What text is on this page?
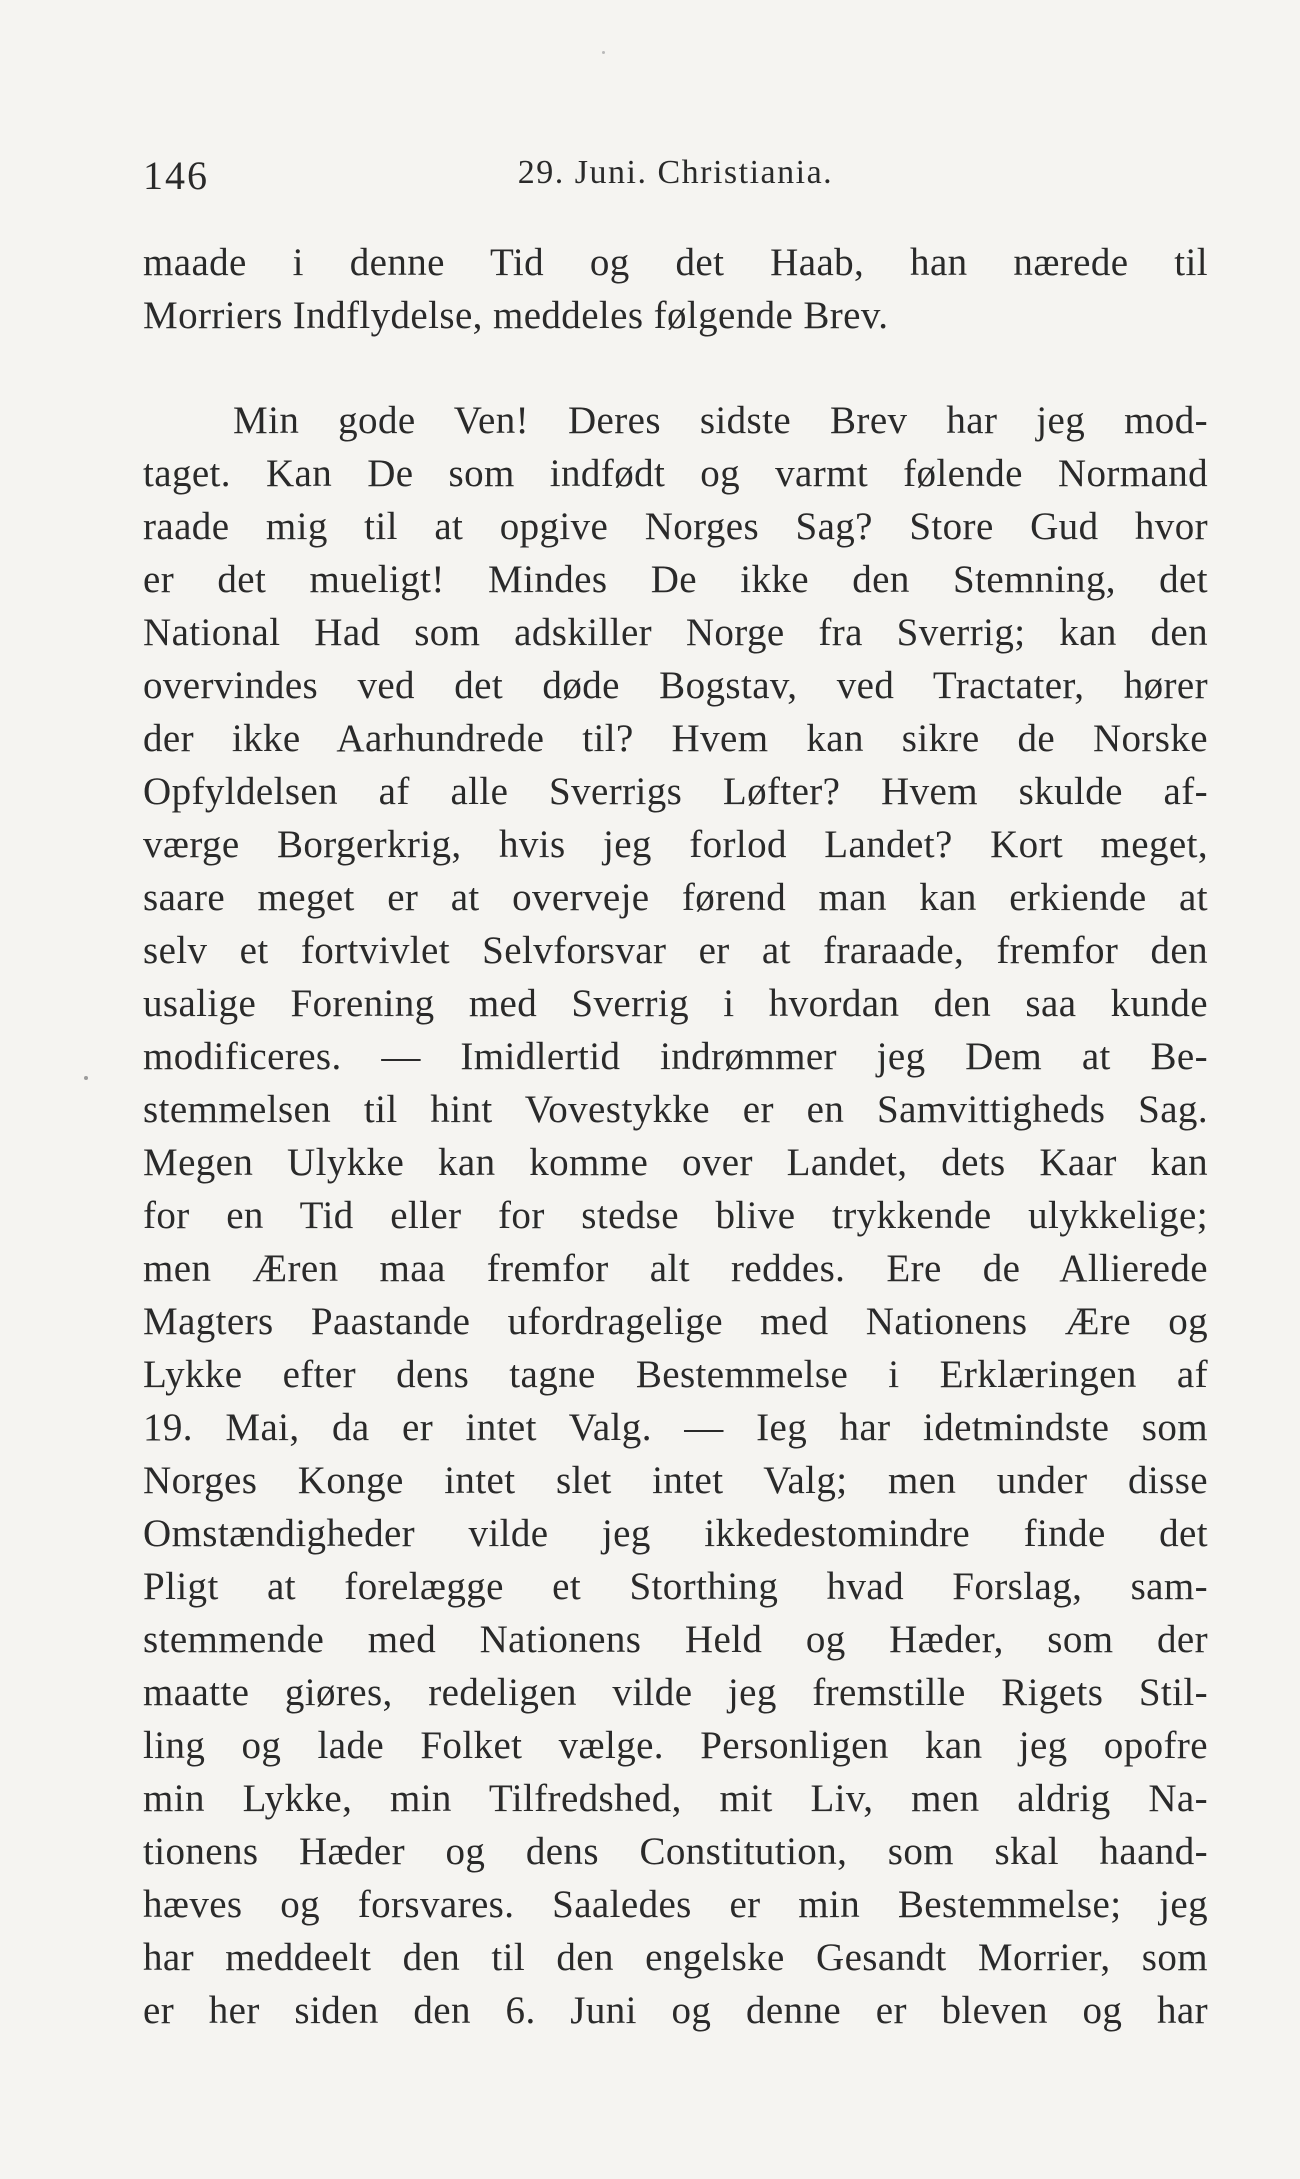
146	29. Juni. Christiania.
maade i denne Tid og det Haab, han nærede til
Morriers Indflydelse, meddeles følgende Brev.
Min gode Ven! Deres sidste Brev har jeg mod-
taget. Kan De som indfødt og varmt følende Normand
raade mig til at opgive Norges Sag? Store Gud hvor
er det mueligt! Mindes De ikke den Stemning, det
National Had som adskiller Norge fra Sverrig; kan den
overvindes ved det døde Bogstav, ved Tractater, hører
der ikke Aarhundrede til? Hvem kan sikre de Norske
Opfyldelsen af alle Sverrigs Løfter? Hvem skulde af-
værge Borgerkrig, hvis jeg forlod Landet? Kort meget,
saare meget er at overveje førend man kan erkiende at
selv et fortvivlet Selvforsvar er at fraraade, fremfor den
usalige Forening med Sverrig i hvordan den saa kunde
modificeres. — Imidlertid indrømmer jeg Dem at Be-
stemmelsen til hint Vovestykke er en Samvittigheds Sag.
Megen Ulykke kan komme over Landet, dets Kaar kan
for en Tid eller for stedse blive trykkende ulykkelige;
men Æren maa fremfor alt reddes. Ere de Allierede
Magters Paastande ufordragelige med Nationens Ære og
Lykke efter dens tagne Bestemmelse i Erklæringen af
19. Mai, da er intet Valg. — Ieg har idetmindste som
Norges Konge intet slet intet Valg; men under disse
Omstændigheder vilde jeg ikkedestomindre finde det
Pligt at forelægge et Storthing hvad Forslag, sam-
stemmende med Nationens Held og Hæder, som der
maatte giøres, redeligen vilde jeg fremstille Rigets Stil-
ling og lade Folket vælge. Personligen kan jeg opofre
min Lykke, min Tilfredshed, mit Liv, men aldrig Na-
tionens Hæder og dens Constitution, som skal haand-
hæves og forsvares. Saaledes er min Bestemmelse; jeg
har meddeelt den til den engelske Gesandt Morrier, som
er her siden den 6. Juni og denne er bleven og har
